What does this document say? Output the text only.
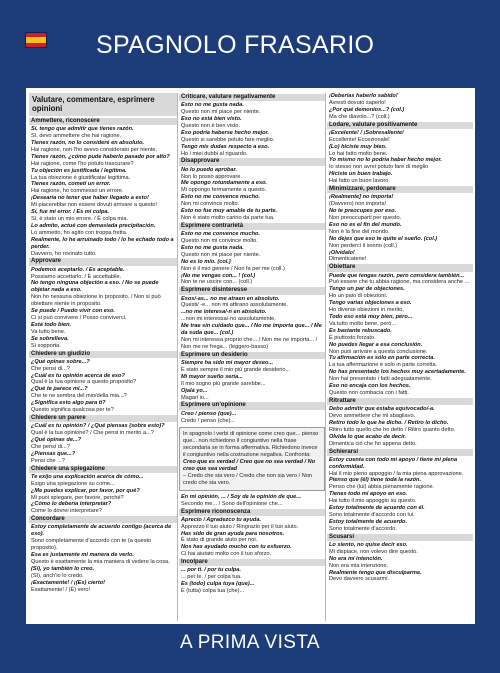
SPAGNOLO FRASARIO
Valutare, commentare, esprimere opinioni
Ammettere, riconoscere
Sí, tengo que admitir que tienes razón.
Sì, devo ammettere che hai ragione.
Tienes razón, no lo consideré en absoluto.
Hai ragione, non l'ho avevo considerato per niente.
Tienes razón, ¿cómo pude haberlo pasado por alto?
Hai ragione, come l'ho potuto trascurare?
Tu objeción es justificada / legítima.
La tua obiezione è giustificata/ legittima.
Tienes razón, cometí un error.
Hai ragione, ho commesso un errore.
¡Desearía no tener que haber llegado a esto!
Mi piacerebbe non essere dovuti arrivare a questo!
Sí, fue mi error. / Es mi culpa.
Sì, è stato un mio errore. / È colpa mia.
Lo admito, actué con demasiada precipitación.
Lo ammetto, ho agito con troppa fretta.
Realmente, lo he arruinado todo / lo he echado todo a perder.
Davvero, ho rovinato tutto.
Approvare
Podemos aceptarlo. / Es aceptable.
Possiamo accettarlo. / È accettabile.
No tengo ninguna objeción a eso. / No se puede objetar nada a eso.
Non ho nessuna obiezione in proposito. / Non si può obiettare niente in proposito.
Se puede / Puedo vivir con eso.
Ci si può convivere / Posso conviverci.
Está todo bien.
Va tutto bene.
Se sobrelleva.
Si sopporta.
Chiedere un giudizio
¿Qué opinas sobre...?
Che pensi di...?
¿Cuál es tu opinión acerca de eso?
Qual è la tua opinione a questo proposito?
¿Qué te parece mi...?
Che te ne sembra del mio/della mia...?
¿Significa esto algo para ti?
Questo significa qualcosa per te?
Chiedere un parere
¿Cuál es tu opinión? / ¿Qué piensas (sobre esto)?
Qual è la tua opinione? / Che pensi in merito a...?
¿Qué opinas de...?
Che pensi di...?
¿Piensas que...?
Pensi che ...?
Chiedere una spiegazione
Te exijo una explicación acerca de cómo...
Esigo una spiegazione su come...
¿Me puedes explicar, por favor, por qué?
Mi puoi spiegare, per favore, perché?
¿Cómo lo debería interpretar?
Come lo dovrei interpretare?
Concordare
Estoy completamente de acuerdo contigo (acerca de eso).
Sono completamente d'accordo con te (a questo proposito).
Esa es justamente mi manera de verlo.
Questo è esattamente la mia maniera di vedere la cosa.
(Sí), yo también lo creo.
(Sì), anch'io lo credo.
¡Exactamente! / ¡(Es) cierto!
Esattamente! / (È) vero!
Criticare, valutare negativamente
Esto no me gusta nada.
Questo non mi piace per niente.
Eso no está bien visto.
Questo non è ben visto.
Eso podría haberse hecho mejor.
Questo si sarebbe potuto fare meglio.
Tengo mis dudas respecto a eso.
Ho i miei dubbi al riguardo.
Disapprovare
No lo puedo aprobar.
Non lo posso approvare.
Me opongo rotundamente a eso.
Mi oppongo fermamente a questo.
Esto no me convence mucho.
Non mi convince molto.
Esto no fue muy amable de tu parte.
Non è stato molto carino da parte tua.
Esprimere contrarietà
Esto no me convence mucho.
Questo non mi convince molto.
Esto no me gusta nada.
Questo non mi piace per niente.
No es lo mío. (col.)
Non è il mio genere / Non fa per me (coll.)
¡No me vengas con... ! (col.)
Non te ne uscire con... (coll.)
Esprimere disinteresse
Esos/-as... no me atraen en absoluto.
Questi/ -e... non mi attirano assolutamente.
...no me interesa/-n en absoluto.
...non mi interessa/-no assolutamente.
Me trae sin cuidado que... / No me importa que... / Me da suda que... (col.)
Non mi interessa proprio che... / Non me ne importa... / Non me ne frega... (leggero-basso)
Esprimere un desiderio
Siempre ha sido mi mayor deseo...
È stato sempre il mio più grande desiderio...
Mi mayor sueño sería...
Il mio sogno più grande sarebbe...
Ojalá yo...
Magari io...
Esprimere un'opinione
Creo / pienso (que)...
Credo / penso (che)...
In spagnolo i verbi di opinione come creo que... pienso que... non richiedono il congiuntivo nella frase secondaria se in forma affermativa. Richiedono invece il congiuntivo nella costruzione negativa. Confronta:
Creo que es verdad / Creo que no sea verdad / No creo que sea verdad
– Credo che sia vero / Credo che non sia vero / Non credo che sia vero.
En mi opinión, ... / Soy de la opinión de que...
Secondo me... / Sono dell'opinione che...
Esprimere riconoscenza
Aprecio / Agradezco tu ayuda.
Apprezzo il tuo aiuto / Ringrazio per il tuo aiuto.
Has sido de gran ayuda para nosotros.
È stato di grande aiuto per noi.
Nos has ayudado mucho con tu esfuerzo.
Ci hai aiutato molto con il tuo sforzo.
Incolpare
... por ti. / por tu culpa.
... per te. / per colpa tua.
Es (todo) culpa tuya (que)...
È (tutta) colpa tua (che)...
¡Deberías haberlo sabido!
Avresti dovuto saperlo!
¿Por qué demonios...? (col.)
Ma che diavolo...? (coll.)
Lodare, valutare positivamente
¡Excelente! / ¡Sobresaliente!
Eccellente! Eccezionale!
(Lo) hiciste muy bien.
Lo hai fatto molto bene.
Yo mismo no lo podría haber hecho mejor.
Io stesso non avrei potuto fare di meglio
Hiciste un buen trabajo.
Hai fatto un buon lavoro.
Minimizzare, perdonare
¡Realmente] no importa!
(Davvero) non importa!
No te preocupes por eso.
Non preoccuparti per questo.
Eso no es el fin del mundo.
Non è la fine del mondo.
No dejes que eso te quite el sueño. (col.)
Non perderci il sonno (coll.)
¡Olvídalo!
Dimenticatene!
Obiettare
Puede que tengas razón, pero considera también...
Può essere che tu abbia ragione, ma considera anche ...
Tengo un par de objeciones.
Ho un paio di obiezioni.
Tengo varias objeciones a eso.
Ho diverse obiezioni in merito.
Todo eso está muy bien, pero...
Va tutto molto bene, però...
Es bastante rebuscado.
È piuttosto forzato.
No puedes llegar a esa conclusión.
Non puoi arrivare a questa conclusione.
Tu afirmación es sólo en parte correcta.
La tua affermazione è solo in parte corretta.
No has presentado los hechos muy acertadamente.
Non hai presentato i fatti adeguatamente.
Eso no encaja con los hechos.
Questo non combacia con i fatti.
Ritrattare
Debo admitir que estaba equivocado/-a.
Devo ammettere che mi sbagliavo.
Retiro todo lo que he dicho. / Retiro lo dicho.
Ritiro tutto quello che ho detto / Ritiro quanto detto.
Olvida lo que acabo de decir.
Dimentica ciò che ho appena detto.
Schierarsi
Estoy cuenta con todo mi apoyo / tiene mi plena conformidad.
Hai il mio pieno appoggio / la mia piena approvazione.
Pienso que (él) tiene toda la razón.
Penso che (lui) abbia pienamente ragione.
Tienes todo mi apoyo en eso.
Hai tutto il mio appoggio su questo.
Estoy totalmente de acuerdo con él.
Sono totalmente d'accordo con lui.
Estoy totalmente de acuerdo.
Sono totalmente d'accordo.
Scusarsi
Lo siento, no quise decir eso.
Mi dispiace, non volevo dire questo.
No era mi intención.
Non era mia intenzione.
Realmente tengo que disculparme.
Devo davvero scusarmi.
A PRIMA VISTA
